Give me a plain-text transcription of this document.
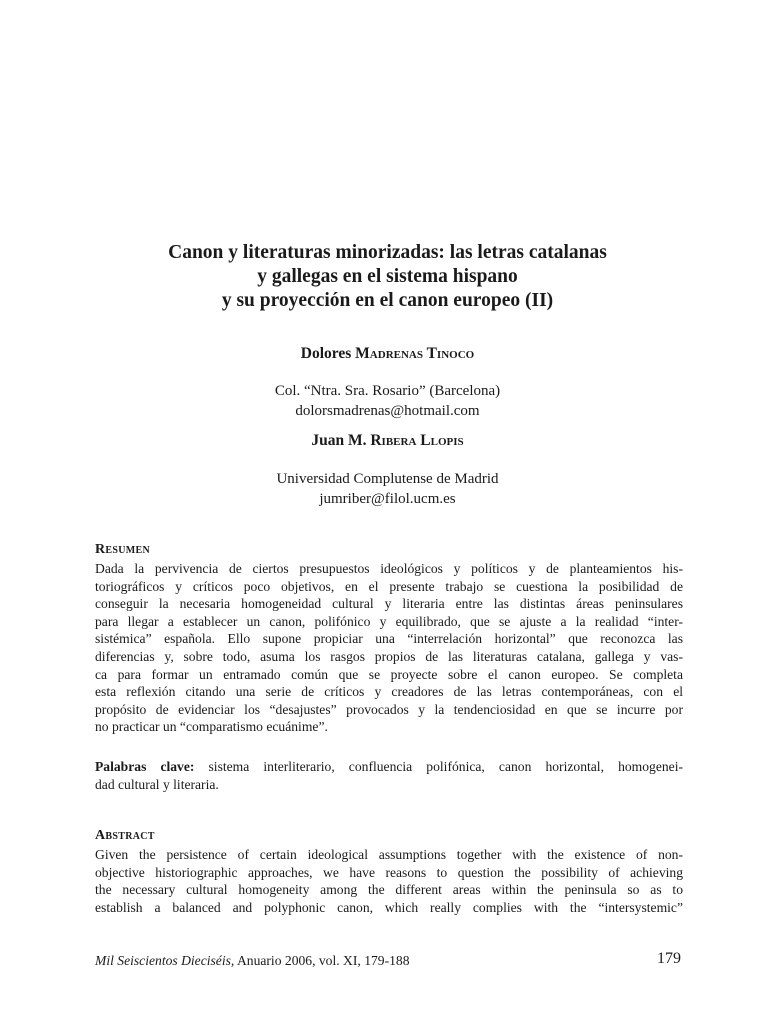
Canon y literaturas minorizadas: las letras catalanas
y gallegas en el sistema hispano
y su proyección en el canon europeo (II)

Dolores Madrenas Tinoco

Col. “Ntra. Sra. Rosario” (Barcelona)
dolorsmadrenas@hotmail.com

Juan M. Ribera Llopis

Universidad Complutense de Madrid
jumriber@filol.ucm.es

Resumen
Dada la pervivencia de ciertos presupuestos ideológicos y políticos y de planteamientos his-
toriográficos y críticos poco objetivos, en el presente trabajo se cuestiona la posibilidad de
conseguir la necesaria homogeneidad cultural y literaria entre las distintas áreas peninsulares
para llegar a establecer un canon, polifónico y equilibrado, que se ajuste a la realidad “inter-
sistémica” española. Ello supone propiciar una “interrelación horizontal” que reconozca las
diferencias y, sobre todo, asuma los rasgos propios de las literaturas catalana, gallega y vas-
ca para formar un entramado común que se proyecte sobre el canon europeo. Se completa
esta reflexión citando una serie de críticos y creadores de las letras contemporáneas, con el
propósito de evidenciar los “desajustes” provocados y la tendenciosidad en que se incurre por
no practicar un “comparatismo ecuánime”.
Palabras clave: sistema interliterario, confluencia polifónica, canon horizontal, homogenei-
dad cultural y literaria.
Abstract
Given the persistence of certain ideological assumptions together with the existence of non-
objective historiographic approaches, we have reasons to question the possibility of achieving
the necessary cultural homogeneity among the different areas within the peninsula so as to
establish a balanced and polyphonic canon, which really complies with the “intersystemic”

Mil Seiscientos Dieciséis, Anuario 2006, vol. XI, 179-188	179
